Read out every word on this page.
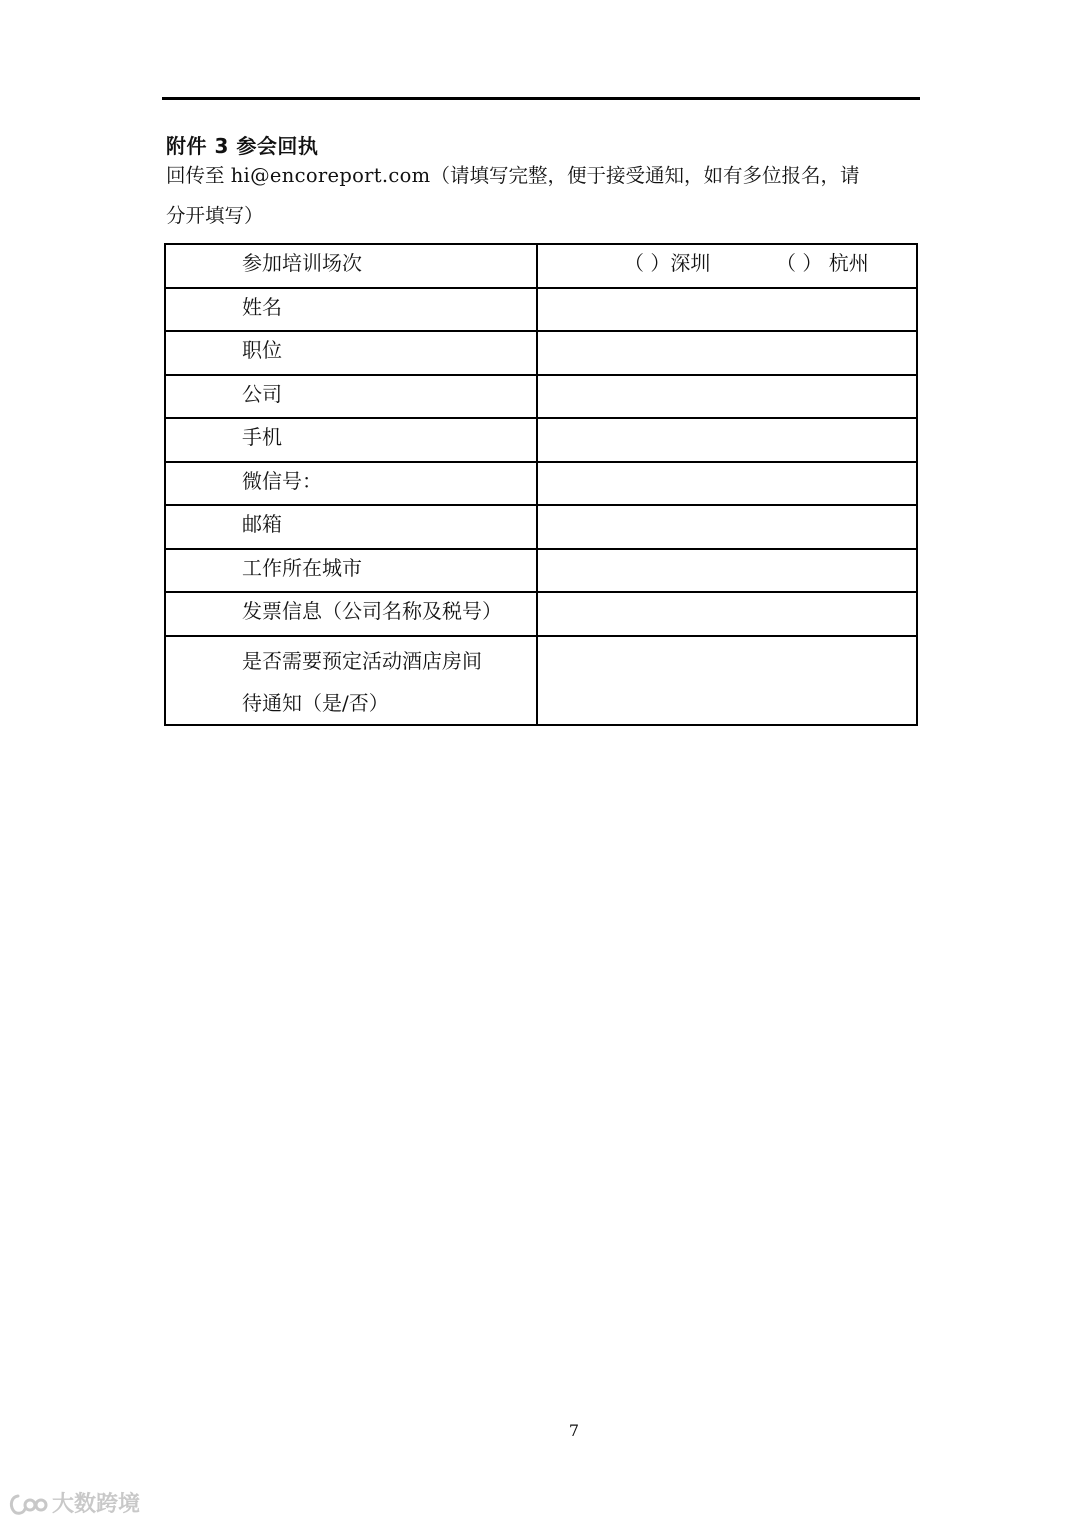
附件 3 参会回执
回传至 hi@encoreport.com（请填写完整，便于接受通知，如有多位报名，请
分开填写）
参加培训场次	（ ）深圳 （ ） 杭州

姓名	
职位	
公司	
手机	
微信号：	
邮箱	
工作所在城市	
发票信息（公司名称及税号）	

是否需要预定活动酒店房间
待通知（是/否）	

7
大数跨境
